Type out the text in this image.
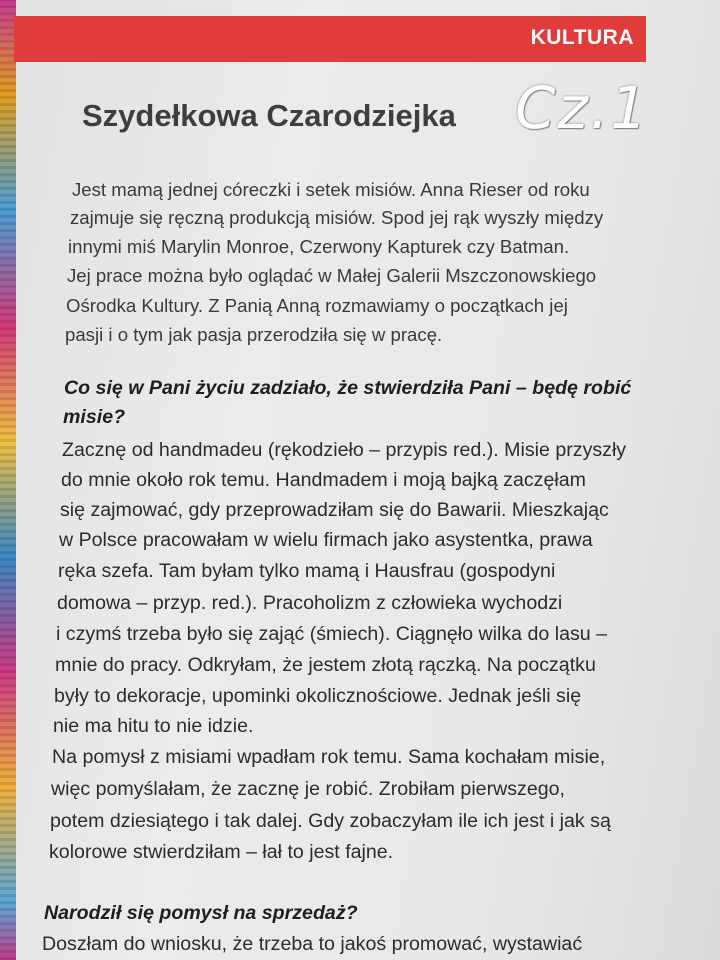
KULTURA
Szydełkowa Czarodziejka Cz.1
Jest mamą jednej córeczki i setek misiów. Anna Rieser od roku
zajmuje się ręczną produkcją misiów. Spod jej rąk wyszły między
innymi miś Marylin Monroe, Czerwony Kapturek czy Batman.
Jej prace można było oglądać w Małej Galerii Mszczonowskiego
Ośrodka Kultury. Z Panią Anną rozmawiamy o początkach jej
pasji i o tym jak pasja przerodziła się w pracę.
Co się w Pani życiu zadziało, że stwierdziła Pani – będę robić
misie?
Zacznę od handmadeu (rękodzieło – przypis red.). Misie przyszły
do mnie około rok temu. Handmadem i moją bajką zaczęłam
się zajmować, gdy przeprowadziłam się do Bawarii. Mieszkając
w Polsce pracowałam w wielu firmach jako asystentka, prawa
ręka szefa. Tam byłam tylko mamą i Hausfrau (gospodyni
domowa – przyp. red.). Pracoholizm z człowieka wychodzi
i czymś trzeba było się zająć (śmiech). Ciągnęło wilka do lasu –
mnie do pracy. Odkryłam, że jestem złotą rączką. Na początku
były to dekoracje, upominki okolicznościowe. Jednak jeśli się
nie ma hitu to nie idzie.
Na pomysł z misiami wpadłam rok temu. Sama kochałam misie,
więc pomyślałam, że zacznę je robić. Zrobiłam pierwszego,
potem dziesiątego i tak dalej. Gdy zobaczyłam ile ich jest i jak są
kolorowe stwierdziłam – łał to jest fajne.
Narodził się pomysł na sprzedaż?
Doszłam do wniosku, że trzeba to jakoś promować, wystawiać
